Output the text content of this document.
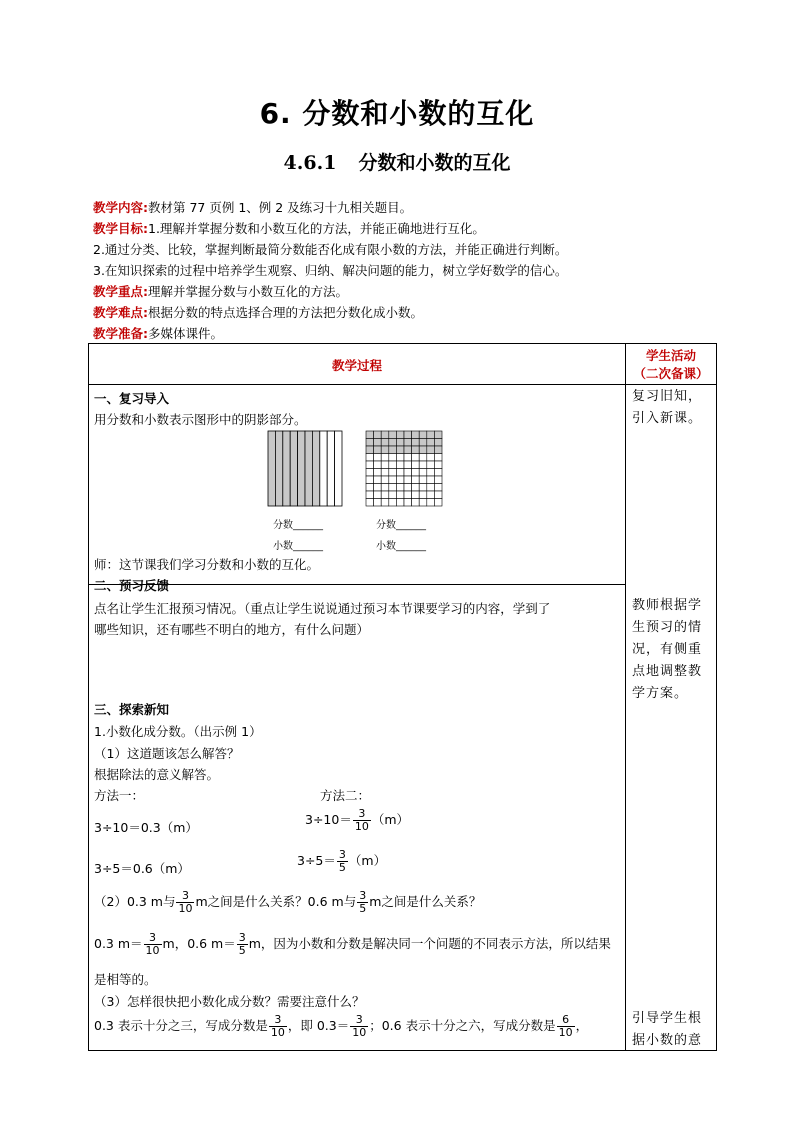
6. 分数和小数的互化
4.6.1 分数和小数的互化
教学内容:教材第 77 页例 1、例 2 及练习十九相关题目。
教学目标:1.理解并掌握分数和小数互化的方法，并能正确地进行互化。
2.通过分类、比较，掌握判断最简分数能否化成有限小数的方法，并能正确进行判断。
3.在知识探索的过程中培养学生观察、归纳、解决问题的能力，树立学好数学的信心。
教学重点:理解并掌握分数与小数互化的方法。
教学难点:根据分数的特点选择合理的方法把分数化成小数。
教学准备:多媒体课件。
教学过程
学生活动
（二次备课）
一、复习导入
用分数和小数表示图形中的阴影部分。
分数______
小数______
分数______
小数______
师：这节课我们学习分数和小数的互化。
二、预习反馈
点名让学生汇报预习情况。（重点让学生说说通过预习本节课要学习的内容，学到了
哪些知识，还有哪些不明白的地方，有什么问题）
三、探索新知
1.小数化成分数。（出示例 1）
（1）这道题该怎么解答？
根据除法的意义解答。
方法一：	方法二：
3÷10＝0.3（m）
$3\div 10= \frac{3}{10} (m)$
3÷5＝0.6（m）
$3\div 5= \frac{3}{5} (m)$
（2）0.3 m与 $\frac{3}{10}$ m之间是什么关系？0.6 m与 $\frac{3}{5}$ m之间是什么关系？
0.3 $m= \frac{3}{10}$ m，0.6 $m= \frac{3}{5}$ m，因为小数和分数是解决同一个问题的不同表示方法，所以结果
是相等的。
（3）怎样很快把小数化成分数？需要注意什么？
0.3 表示十分之三，写成分数是 $\frac{3}{10}$ ，即 $0.3= \frac{3}{10}$ ；0.6 表示十分之六，写成分数是 $\frac{6}{10}$ ，
复习旧知，引入新课。
教师根据学生预习的情况，有侧重点地调整教学方案。
引导学生根据小数的意
